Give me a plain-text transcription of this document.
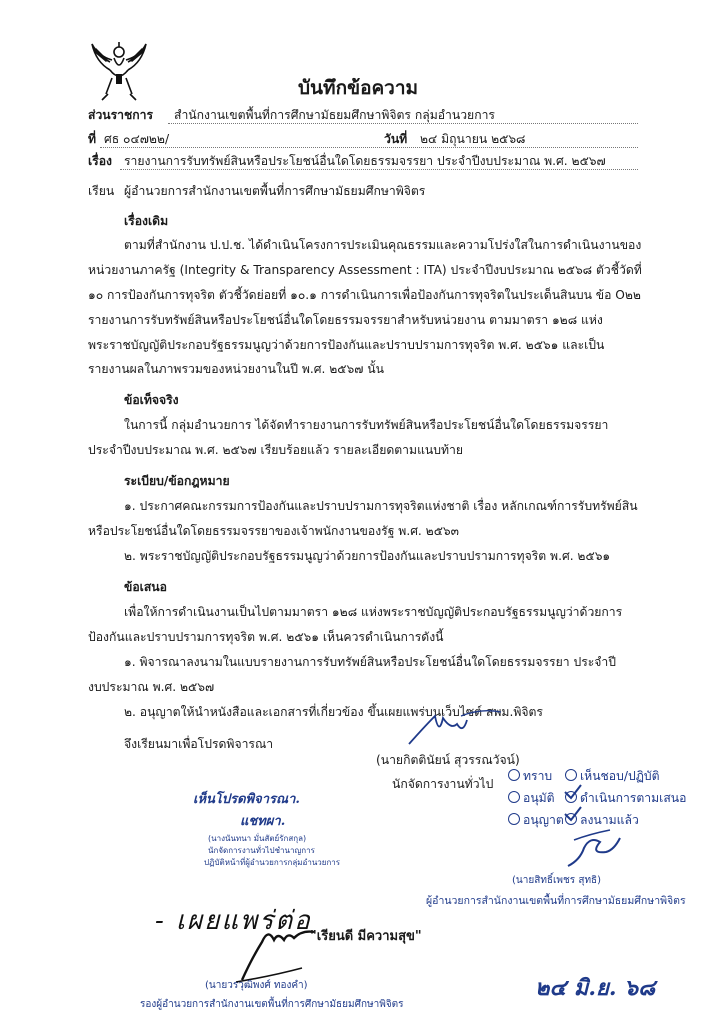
บันทึกข้อความ
ส่วนราชการ สำนักงานเขตพื้นที่การศึกษามัธยมศึกษาพิจิตร กลุ่มอำนวยการ
ที่ ศธ ๐๔๗๒๒/	วันที่ ๒๔ มิถุนายน ๒๕๖๘
เรื่อง รายงานการรับทรัพย์สินหรือประโยชน์อื่นใดโดยธรรมจรรยา ประจำปีงบประมาณ พ.ศ. ๒๕๖๗
เรียน ผู้อำนวยการสำนักงานเขตพื้นที่การศึกษามัธยมศึกษาพิจิตร
เรื่องเดิม
ตามที่สำนักงาน ป.ป.ช. ได้ดำเนินโครงการประเมินคุณธรรมและความโปร่งใสในการดำเนินงานของ
หน่วยงานภาครัฐ (Integrity & Transparency Assessment : ITA) ประจำปีงบประมาณ ๒๕๖๘ ตัวชี้วัดที่
๑๐ การป้องกันการทุจริต ตัวชี้วัดย่อยที่ ๑๐.๑ การดำเนินการเพื่อป้องกันการทุจริตในประเด็นสินบน ข้อ O๒๒
รายงานการรับทรัพย์สินหรือประโยชน์อื่นใดโดยธรรมจรรยาสำหรับหน่วยงาน ตามมาตรา ๑๒๘ แห่ง
พระราชบัญญัติประกอบรัฐธรรมนูญว่าด้วยการป้องกันและปราบปรามการทุจริต พ.ศ. ๒๕๖๑ และเป็น
รายงานผลในภาพรวมของหน่วยงานในปี พ.ศ. ๒๕๖๗ นั้น
ข้อเท็จจริง
ในการนี้ กลุ่มอำนวยการ ได้จัดทำรายงานการรับทรัพย์สินหรือประโยชน์อื่นใดโดยธรรมจรรยา
ประจำปีงบประมาณ พ.ศ. ๒๕๖๗ เรียบร้อยแล้ว รายละเอียดตามแนบท้าย
ระเบียบ/ข้อกฎหมาย
๑. ประกาศคณะกรรมการป้องกันและปราบปรามการทุจริตแห่งชาติ เรื่อง หลักเกณฑ์การรับทรัพย์สิน
หรือประโยชน์อื่นใดโดยธรรมจรรยาของเจ้าพนักงานของรัฐ พ.ศ. ๒๕๖๓
๒. พระราชบัญญัติประกอบรัฐธรรมนูญว่าด้วยการป้องกันและปราบปรามการทุจริต พ.ศ. ๒๕๖๑
ข้อเสนอ
เพื่อให้การดำเนินงานเป็นไปตามมาตรา ๑๒๘ แห่งพระราชบัญญัติประกอบรัฐธรรมนูญว่าด้วยการ
ป้องกันและปราบปรามการทุจริต พ.ศ. ๒๕๖๑ เห็นควรดำเนินการดังนี้
๑. พิจารณาลงนามในแบบรายงานการรับทรัพย์สินหรือประโยชน์อื่นใดโดยธรรมจรรยา ประจำปี
งบประมาณ พ.ศ. ๒๕๖๗
๒. อนุญาตให้นำหนังสือและเอกสารที่เกี่ยวข้อง ขึ้นเผยแพร่บนเว็บไซต์ สพม.พิจิตร
จึงเรียนมาเพื่อโปรดพิจารณา
(นายกิตตินัยน์ สุวรรณวัจน์)
นักจัดการงานทั่วไป
ทราบ	เห็นชอบ/ปฏิบัติ
อนุมัติ	ดำเนินการตามเสนอ
อนุญาต	ลงนามแล้ว
(นายสิทธิ์เพชร สุทธิ)
ผู้อำนวยการสำนักงานเขตพื้นที่การศึกษามัธยมศึกษาพิจิตร
เห็นโปรดพิจารณา.
แชทผา.
(นางนันทนา มั่นสัตย์รักสกุล)
นักจัดการงานทั่วไปชำนาญการ
ปฏิบัติหน้าที่ผู้อำนวยการกลุ่มอำนวยการ
- เผยแพร่ต่อ
"เรียนดี มีความสุข"
(นายวรวุฒิพงศ์ ทองคำ)
รองผู้อำนวยการสำนักงานเขตพื้นที่การศึกษามัธยมศึกษาพิจิตร
๒๔ มิ.ย. ๖๘
